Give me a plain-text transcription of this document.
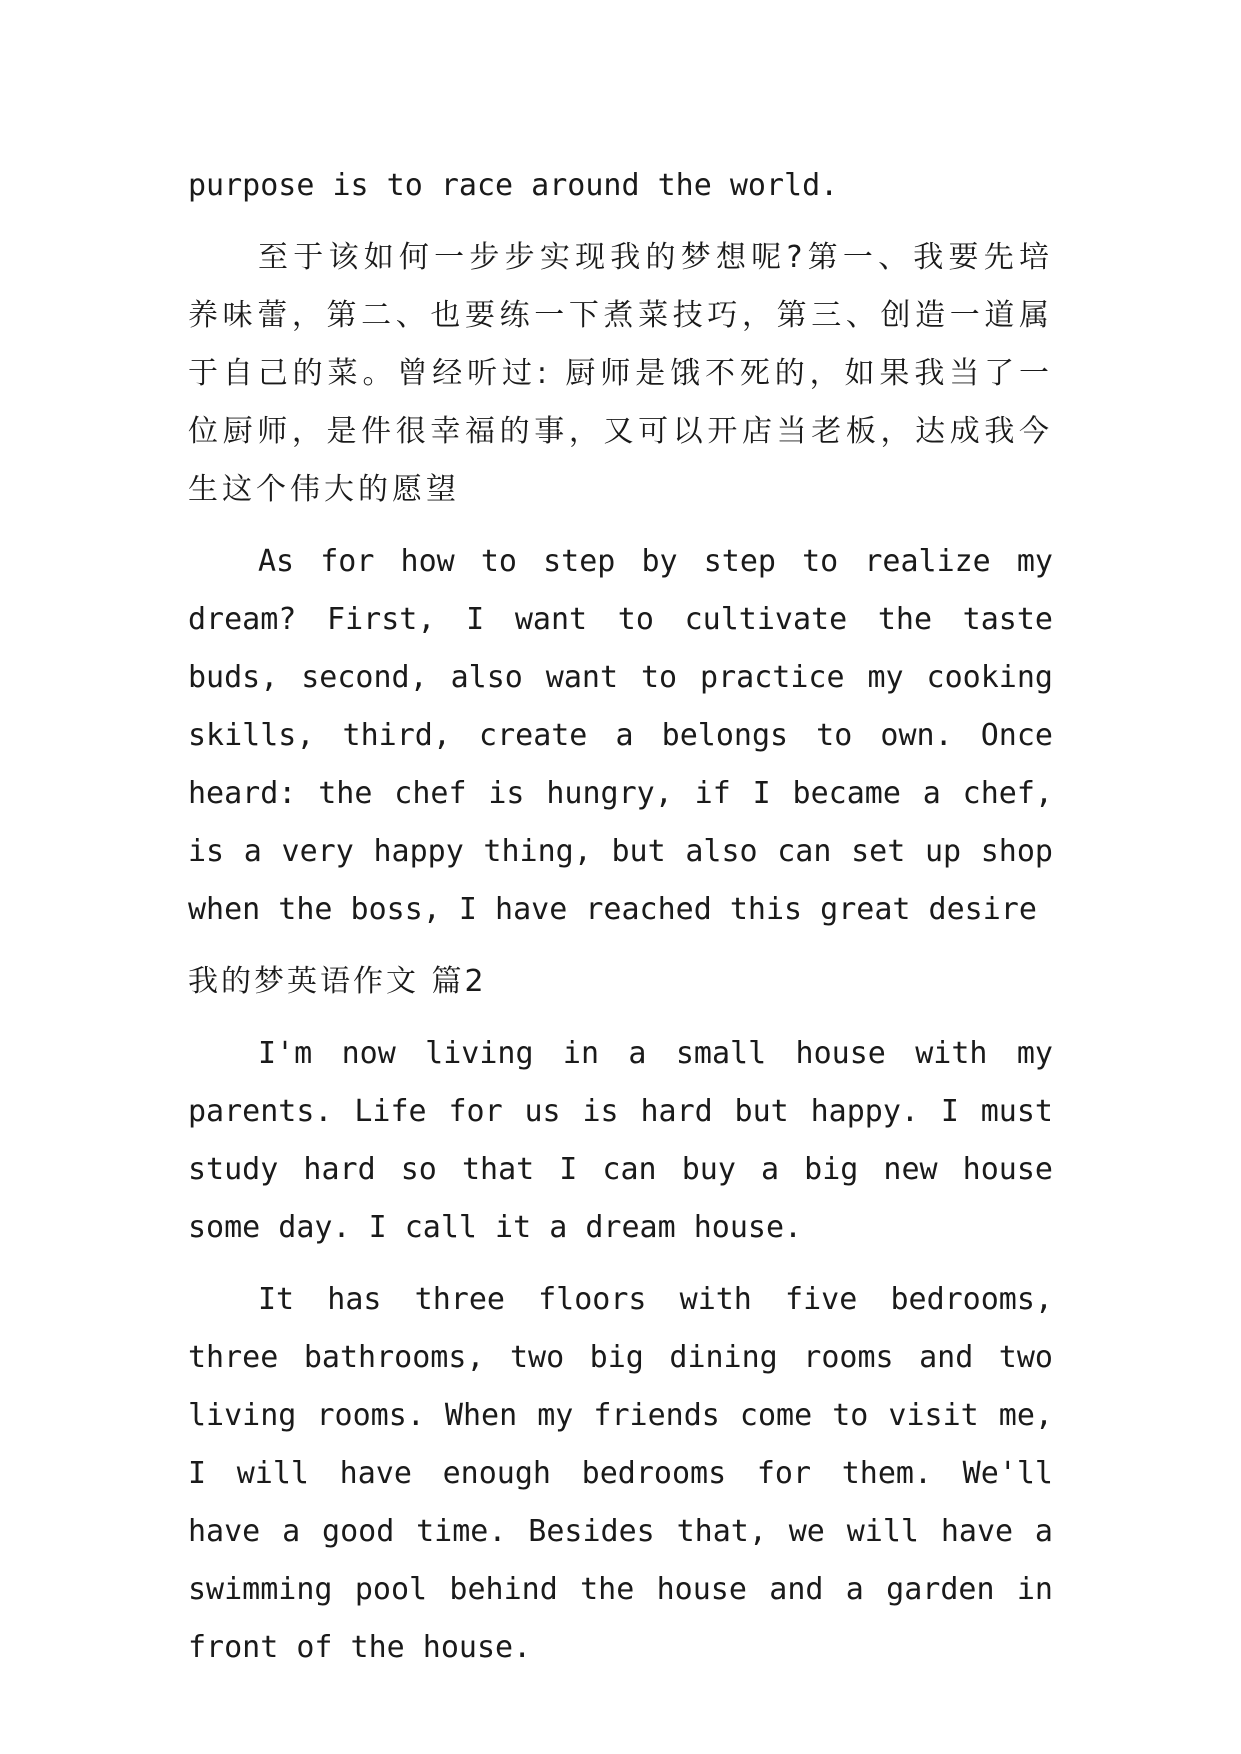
purpose is to race around the world.

至于该如何一步步实现我的梦想呢?第一、我要先培养味蕾，第二、也要练一下煮菜技巧，第三、创造一道属于自己的菜。曾经听过: 厨师是饿不死的，如果我当了一位厨师，是件很幸福的事，又可以开店当老板，达成我今生这个伟大的愿望

As for how to step by step to realize my dream? First, I want to cultivate the taste buds, second, also want to practice my cooking skills, third, create a belongs to own. Once heard: the chef is hungry, if I became a chef, is a very happy thing, but also can set up shop when the boss, I have reached this great desire

我的梦英语作文 篇2

I'm now living in a small house with my parents. Life for us is hard but happy. I must study hard so that I can buy a big new house some day. I call it a dream house.

It has three floors with five bedrooms, three bathrooms, two big dining rooms and two living rooms. When my friends come to visit me, I will have enough bedrooms for them. We'll have a good time. Besides that, we will have a swimming pool behind the house and a garden in front of the house.
